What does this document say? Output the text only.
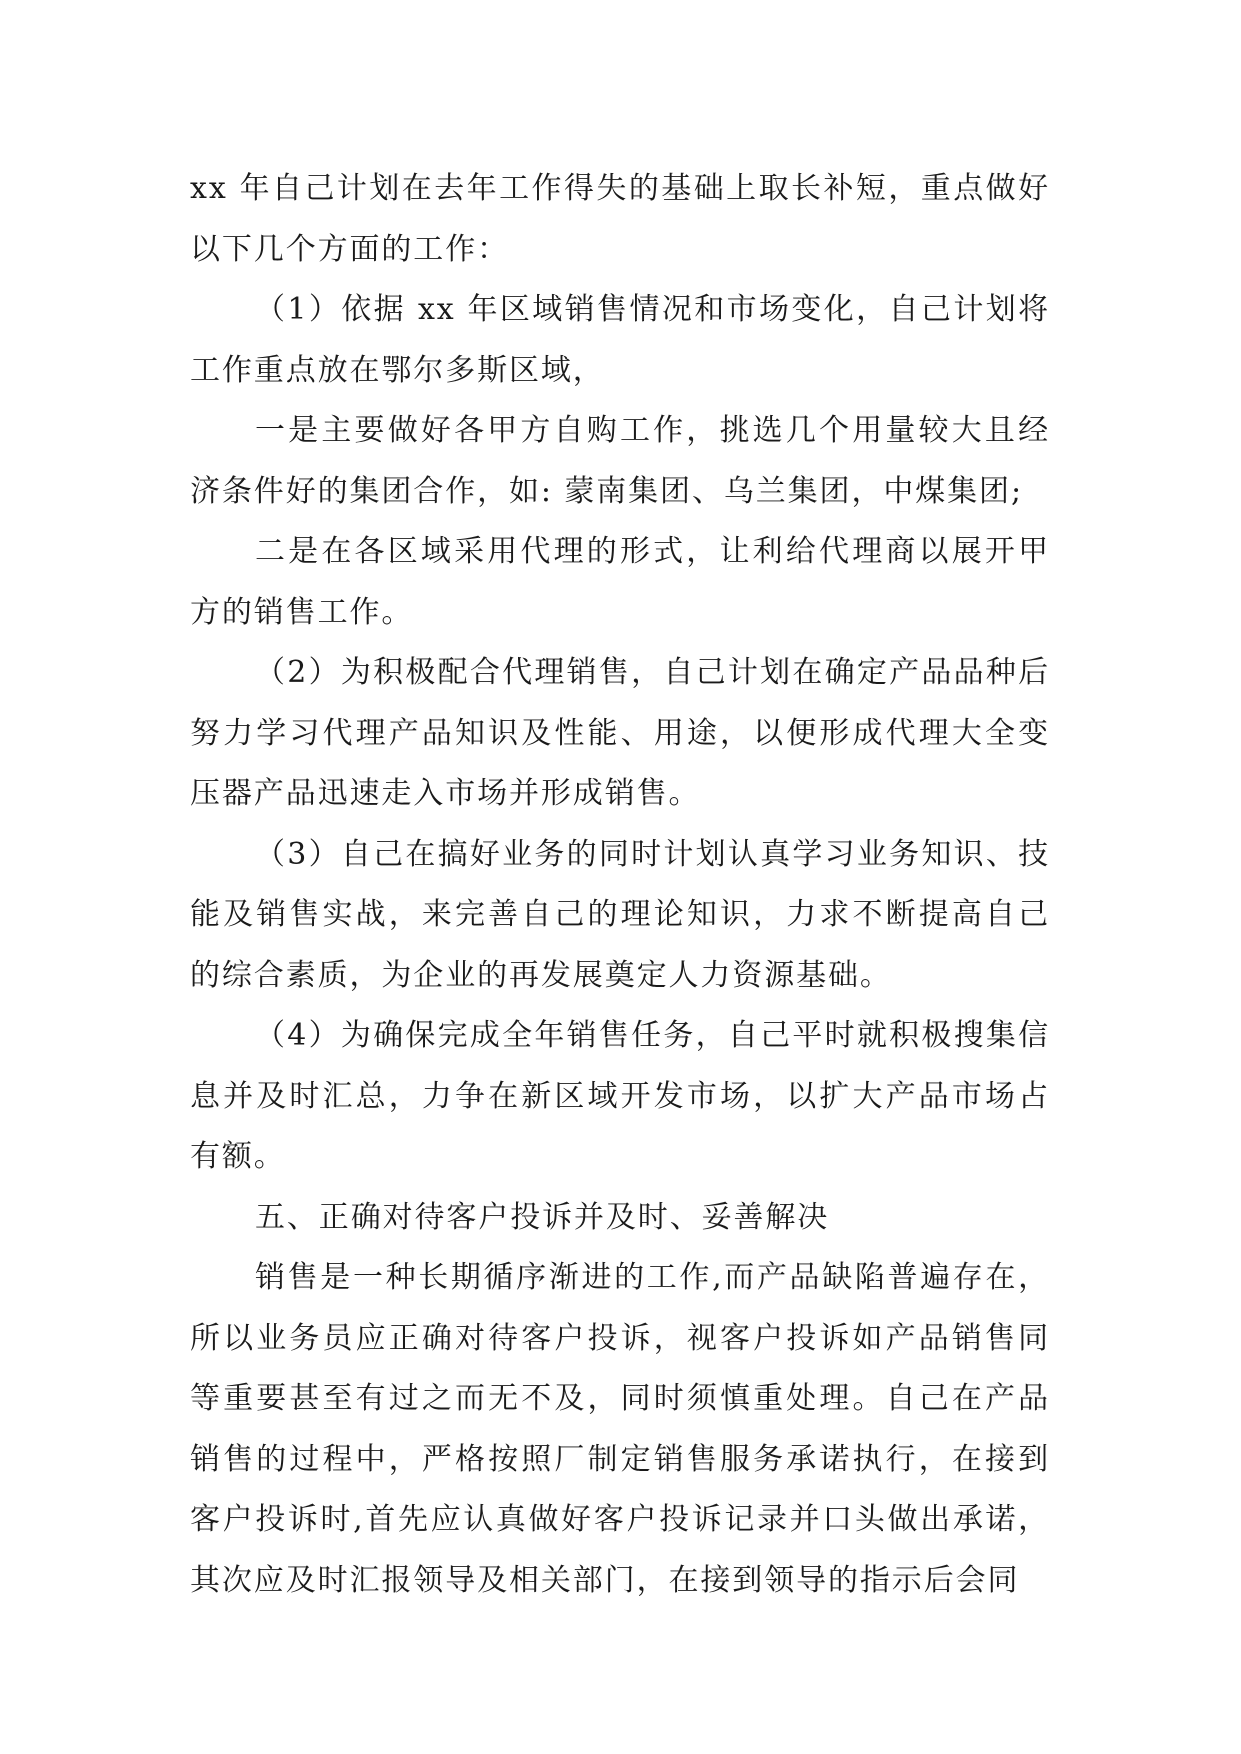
xx 年自己计划在去年工作得失的基础上取长补短，重点做好以下几个方面的工作：

（1）依据 xx 年区域销售情况和市场变化，自己计划将工作重点放在鄂尔多斯区域，

一是主要做好各甲方自购工作，挑选几个用量较大且经济条件好的集团合作，如: 蒙南集团、乌兰集团，中煤集团;

二是在各区域采用代理的形式，让利给代理商以展开甲方的销售工作。

（2）为积极配合代理销售，自己计划在确定产品品种后努力学习代理产品知识及性能、用途，以便形成代理大全变压器产品迅速走入市场并形成销售。

（3）自己在搞好业务的同时计划认真学习业务知识、技能及销售实战，来完善自己的理论知识，力求不断提高自己的综合素质，为企业的再发展奠定人力资源基础。

（4）为确保完成全年销售任务，自己平时就积极搜集信息并及时汇总，力争在新区域开发市场，以扩大产品市场占有额。

五、正确对待客户投诉并及时、妥善解决

销售是一种长期循序渐进的工作,而产品缺陷普遍存在，所以业务员应正确对待客户投诉，视客户投诉如产品销售同等重要甚至有过之而无不及，同时须慎重处理。自己在产品销售的过程中，严格按照厂制定销售服务承诺执行，在接到客户投诉时,首先应认真做好客户投诉记录并口头做出承诺，其次应及时汇报领导及相关部门，在接到领导的指示后会同
